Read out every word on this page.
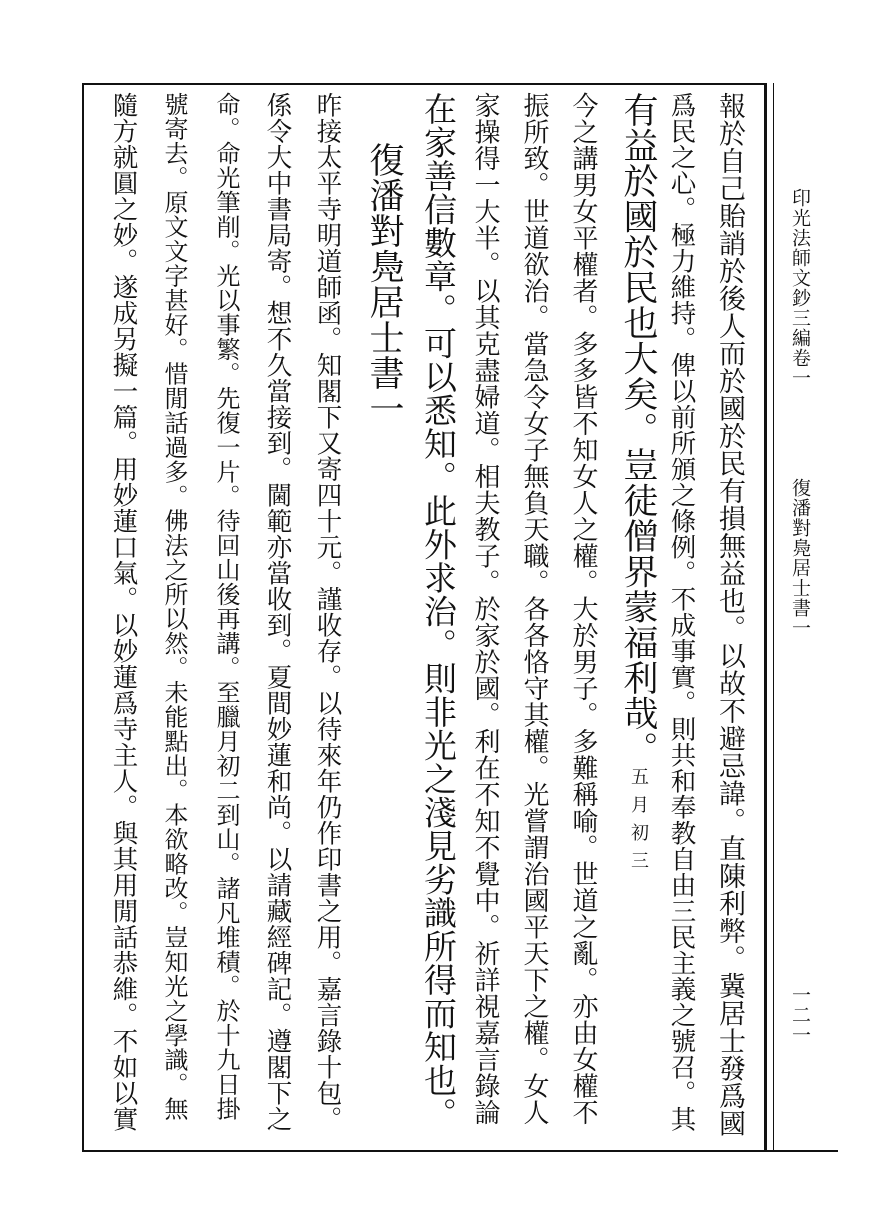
印光法師文鈔三編卷一
復潘對鳧居士書一
一二一
報於自己貽誚於後人而於國於民有損無益也。以故不避忌諱。直陳利弊。冀居士發爲國
爲民之心。極力維持。俾以前所頒之條例。不成事實。則共和奉教自由三民主義之號召。其
有益於國於民也大矣。豈徒僧界蒙福利哉。五月初三
今之講男女平權者。多多皆不知女人之權。大於男子。多難稱喻。世道之亂。亦由女權不
振所致。世道欲治。當急令女子無負天職。各各恪守其權。光嘗謂治國平天下之權。女人
家操得一大半。以其克盡婦道。相夫教子。於家於國。利在不知不覺中。祈詳視嘉言錄論
在家善信數章。可以悉知。此外求治。則非光之淺見劣識所得而知也。
復潘對鳧居士書一
昨接太平寺明道師函。知閣下又寄四十元。謹收存。以待來年仍作印書之用。嘉言錄十包。
係令大中書局寄。想不久當接到。閫範亦當收到。夏間妙蓮和尚。以請藏經碑記。遵閣下之
命。命光筆削。光以事繁。先復一片。待回山後再講。至臘月初二到山。諸凡堆積。於十九日掛
號寄去。原文文字甚好。惜閒話過多。佛法之所以然。未能點出。本欲略改。豈知光之學識。無
隨方就圓之妙。遂成另擬一篇。用妙蓮口氣。以妙蓮爲寺主人。與其用閒話恭維。不如以實
